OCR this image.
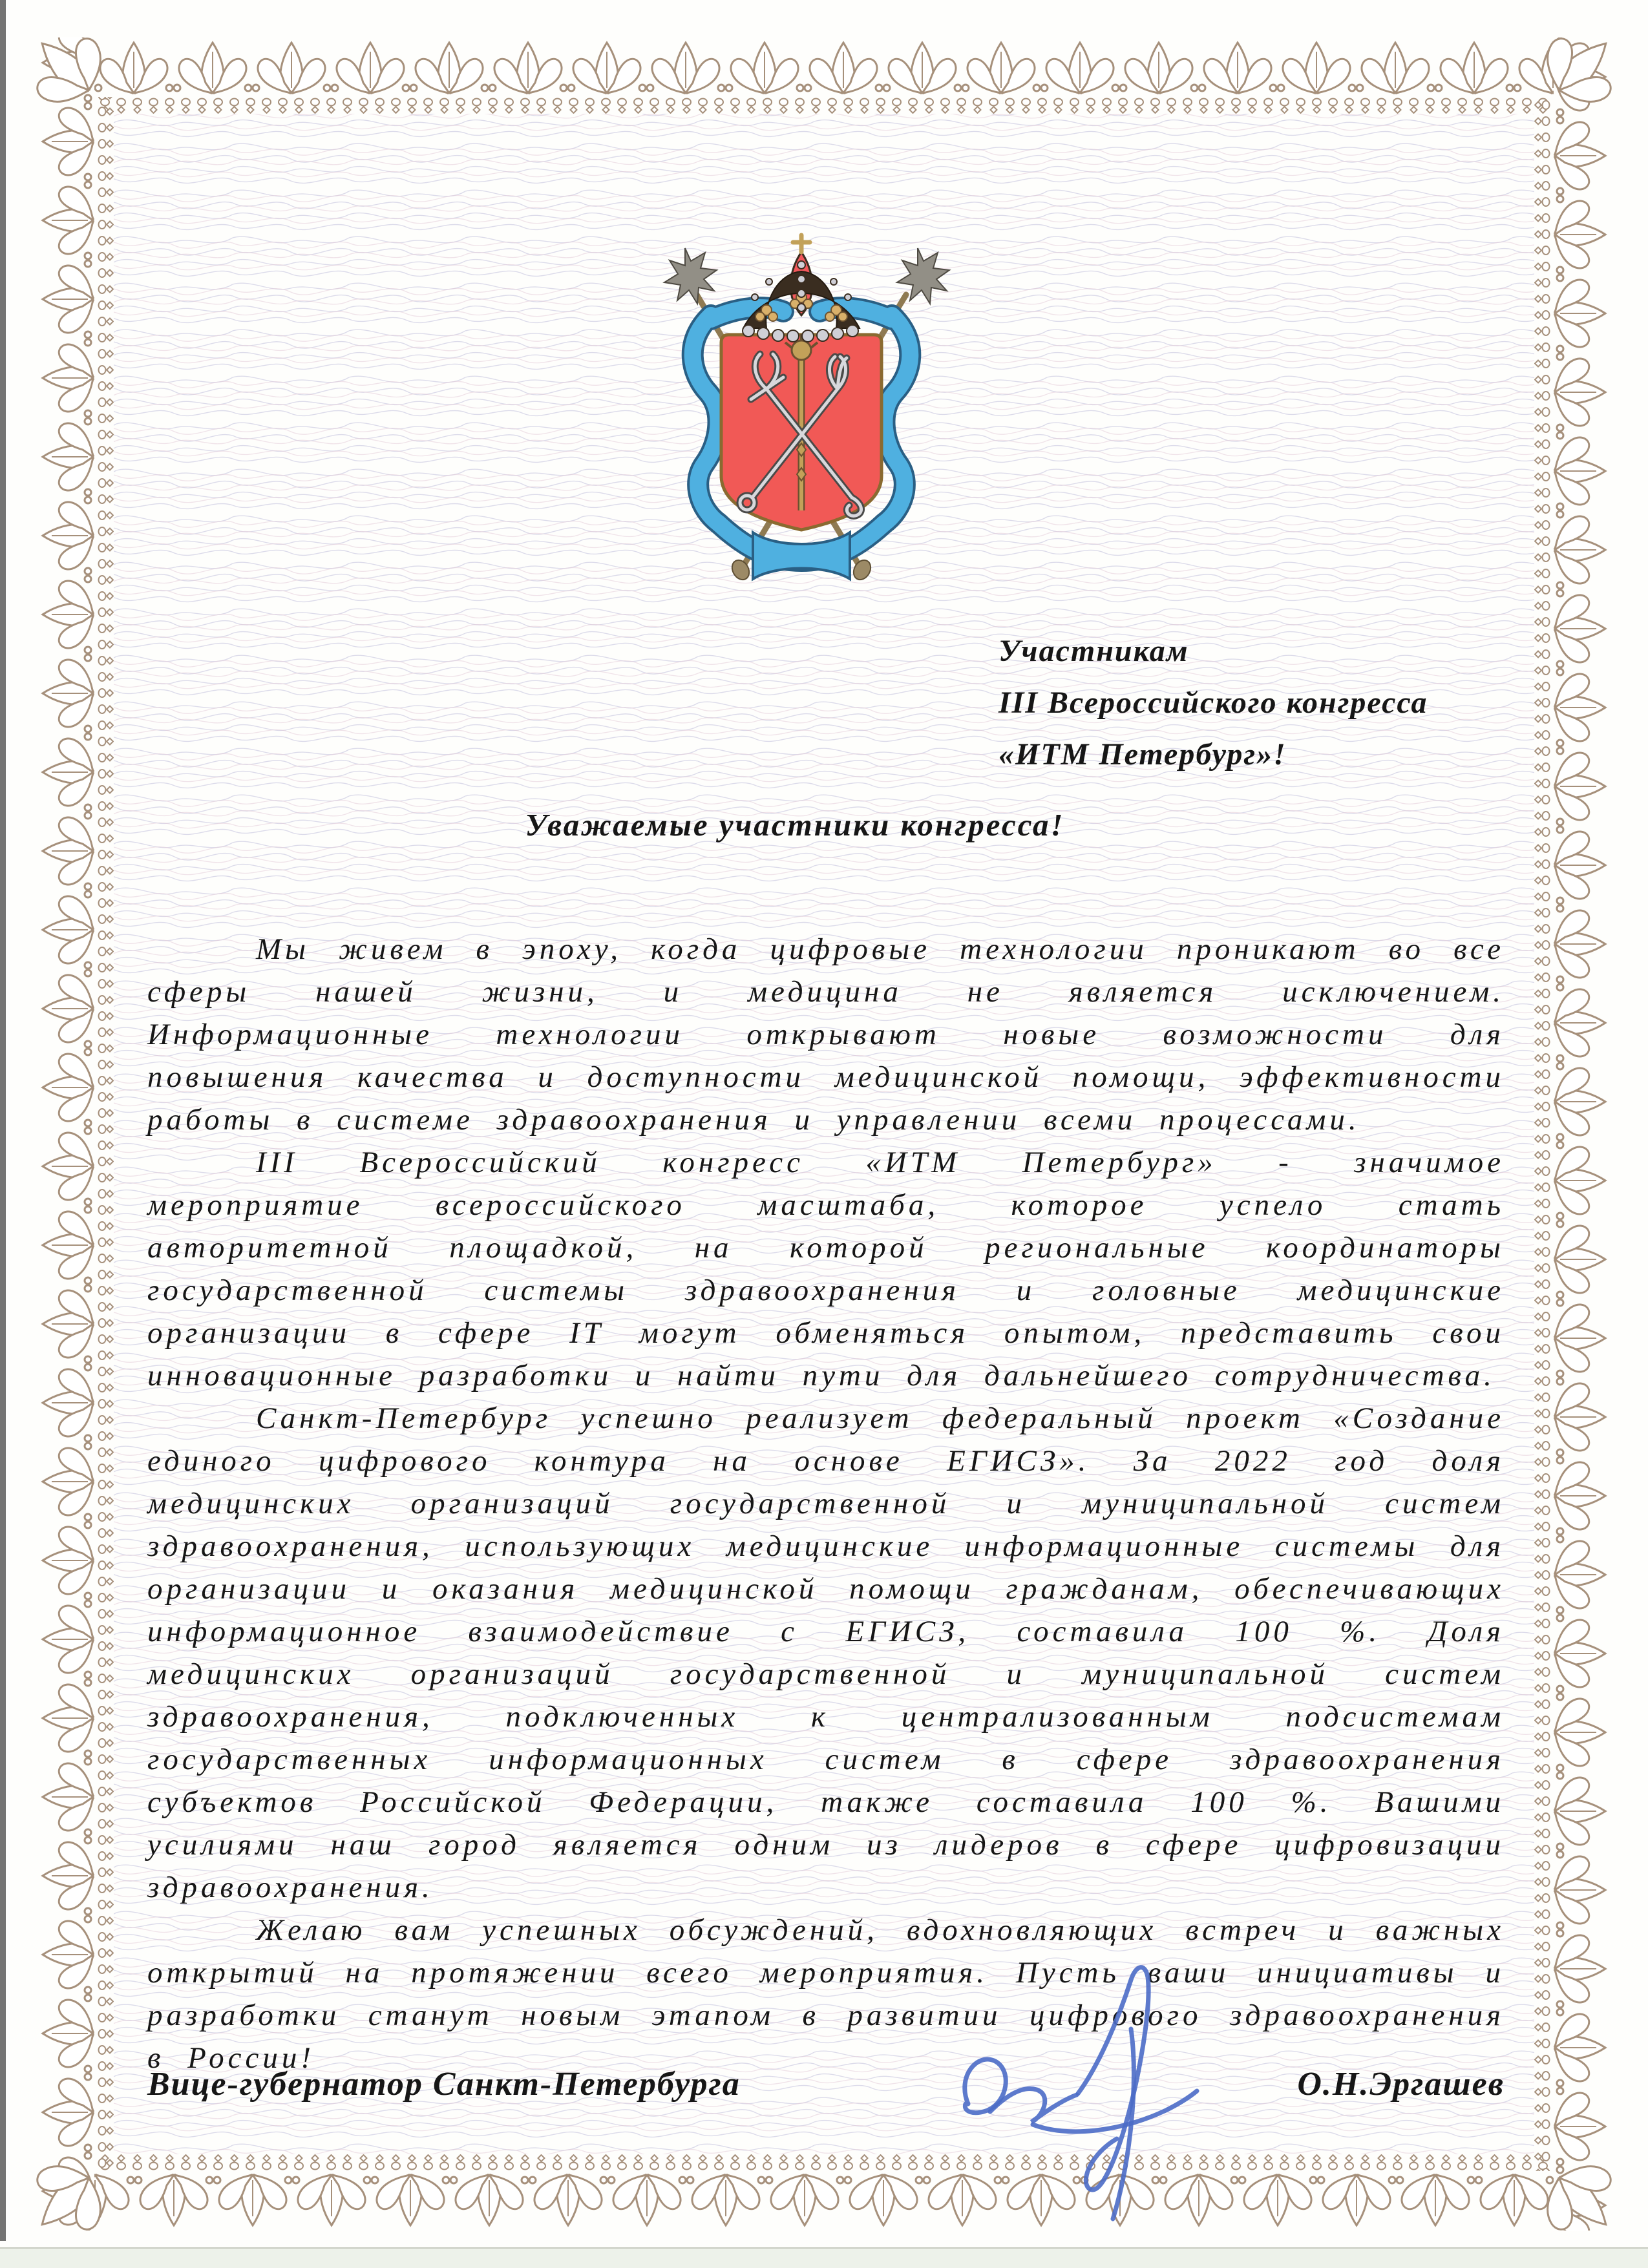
Участникам
III Всероссийского конгресса
«ИТМ Петербург»!
Уважаемые участники конгресса!

Мы живем в эпоху, когда цифровые технологии проникают во все сферы нашей жизни, и медицина не является исключением. Информационные технологии открывают новые возможности для повышения качества и доступности медицинской помощи, эффективности работы в системе здравоохранения и управлении всеми процессами.

III Всероссийский конгресс «ИТМ Петербург» - значимое мероприятие всероссийского масштаба, которое успело стать авторитетной площадкой, на которой региональные координаторы государственной системы здравоохранения и головные медицинские организации в сфере IT могут обменяться опытом, представить свои инновационные разработки и найти пути для дальнейшего сотрудничества.

Санкт-Петербург успешно реализует федеральный проект «Создание единого цифрового контура на основе ЕГИСЗ». За 2022 год доля медицинских организаций государственной и муниципальной систем здравоохранения, использующих медицинские информационные системы для организации и оказания медицинской помощи гражданам, обеспечивающих информационное взаимодействие с ЕГИСЗ, составила 100 %. Доля медицинских организаций государственной и муниципальной систем здравоохранения, подключенных к централизованным подсистемам государственных информационных систем в сфере здравоохранения субъектов Российской Федерации, также составила 100 %. Вашими усилиями наш город является одним из лидеров в сфере цифровизации здравоохранения.

Желаю вам успешных обсуждений, вдохновляющих встреч и важных открытий на протяжении всего мероприятия. Пусть ваши инициативы и разработки станут новым этапом в развитии цифрового здравоохранения в России!

Вице-губернатор Санкт-Петербурга	О.Н.Эргашев
